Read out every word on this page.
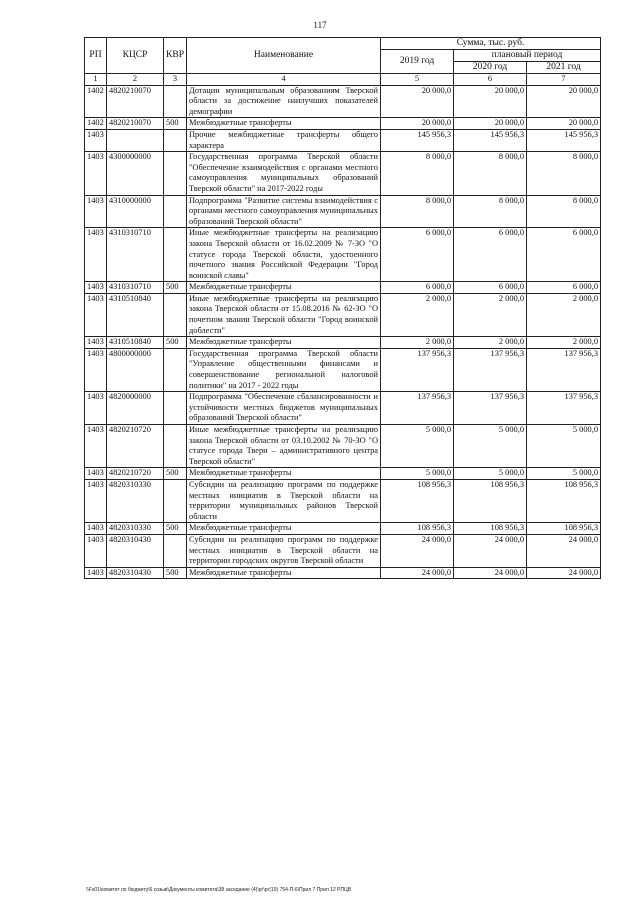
117
РП	КЦСР	КВР	Наименование	Сумма, тыс. руб.		
				2019 год	плановый период	
					2020 год	2021 год
1	2	3	4	5	6	7
1402	4820210070		Дотации муниципальным образованиям Тверской области за достижение наилучших показателей демографии	20 000,0	20 000,0	20 000,0
1402	4820210070	500	Межбюджетные трансферты	20 000,0	20 000,0	20 000,0
1403			Прочие межбюджетные трансферты общего характера	145 956,3	145 956,3	145 956,3
1403	4300000000		Государственная программа Тверской области "Обеспечение взаимодействия с органами местного самоуправления муниципальных образований Тверской области" на 2017-2022 годы	8 000,0	8 000,0	8 000,0
1403	4310000000		Подпрограмма "Развитие системы взаимодействия с органами местного самоуправления муниципальных образований Тверской области"	8 000,0	8 000,0	8 000,0
1403	4310310710		Иные межбюджетные трансферты на реализацию закона Тверской области от 16.02.2009 № 7-ЗО "О статусе города Тверской области, удостоенного почетного звания Российской Федерации "Город воинской славы"	6 000,0	6 000,0	6 000,0
1403	4310310710	500	Межбюджетные трансферты	6 000,0	6 000,0	6 000,0
1403	4310510840		Иные межбюджетные трансферты на реализацию закона Тверской области от 15.08.2016 № 62-ЗО "О почетном звании Тверской области "Город воинской доблести"	2 000,0	2 000,0	2 000,0
1403	4310510840	500	Межбюджетные трансферты	2 000,0	2 000,0	2 000,0
1403	4800000000		Государственная программа Тверской области "Управление общественными финансами и совершенствование региональной налоговой политики" на 2017 - 2022 годы	137 956,3	137 956,3	137 956,3
1403	4820000000		Подпрограмма "Обеспечение сбалансированности и устойчивости местных бюджетов муниципальных образований Тверской области"	137 956,3	137 956,3	137 956,3
1403	4820210720		Иные межбюджетные трансферты на реализацию закона Тверской области от 03.10.2002 № 70-ЗО "О статусе города Твери – административного центра Тверской области"	5 000,0	5 000,0	5 000,0
1403	4820210720	500	Межбюджетные трансферты	5 000,0	5 000,0	5 000,0
1403	4820310330		Субсидии на реализацию программ по поддержке местных инициатив в Тверской области на территории муниципальных районов Тверской области	108 956,3	108 956,3	108 956,3
1403	4820310330	500	Межбюджетные трансферты	108 956,3	108 956,3	108 956,3
1403	4820310430		Субсидии на реализацию программ по поддержке местных инициатив в Тверской области на территории городских округов Тверской области	24 000,0	24 000,0	24 000,0
1403	4820310430	500	Межбюджетные трансферты	24 000,0	24 000,0	24 000,0
\\Fs01\комитет по бюджету\6 созыв\Документы комитета\38 заседание (4)\рг\рг(19) 754-П-6\Прил 7 Прил 12 РПЦВ
